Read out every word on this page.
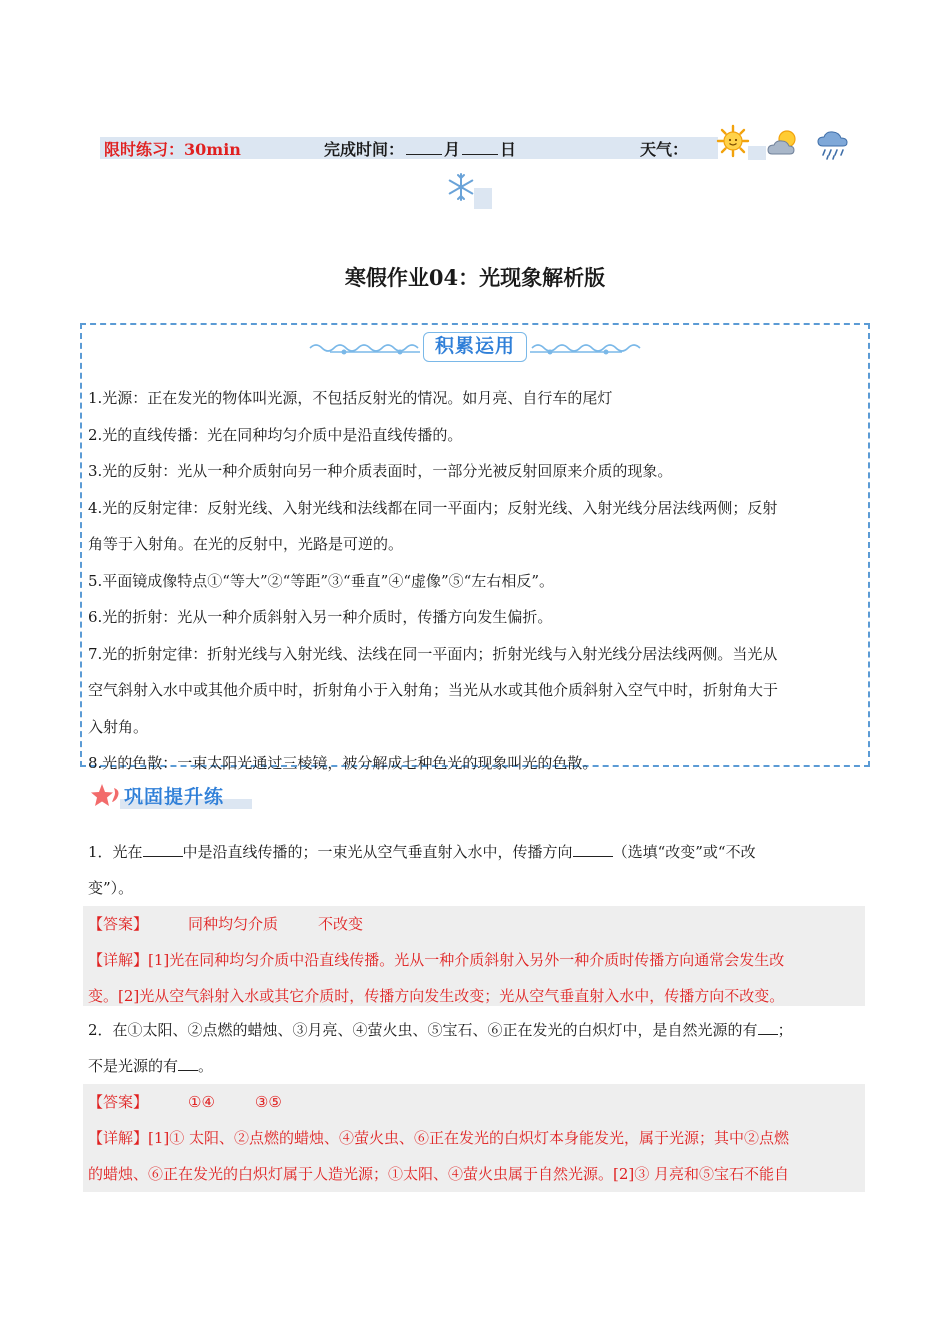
限时练习：30min	完成时间：	月	日	天气：
寒假作业04：光现象解析版
积累运用

1.光源：正在发光的物体叫光源，不包括反射光的情况。如月亮、自行车的尾灯

2.光的直线传播：光在同种均匀介质中是沿直线传播的。

3.光的反射：光从一种介质射向另一种介质表面时，一部分光被反射回原来介质的现象。

4.光的反射定律：反射光线、入射光线和法线都在同一平面内；反射光线、入射光线分居法线两侧；反射

角等于入射角。在光的反射中，光路是可逆的。

5.平面镜成像特点①“等大”②“等距”③“垂直”④“虚像”⑤“左右相反”。

6.光的折射：光从一种介质斜射入另一种介质时，传播方向发生偏折。

7.光的折射定律：折射光线与入射光线、法线在同一平面内；折射光线与入射光线分居法线两侧。当光从

空气斜射入水中或其他介质中时，折射角小于入射角；当光从水或其他介质斜射入空气中时，折射角大于

入射角。

8.光的色散：一束太阳光通过三棱镜，被分解成七种色光的现象叫光的色散。

巩固提升练

1．光在	中是沿直线传播的；一束光从空气垂直射入水中，传播方向	（选填“改变”或“不改

变”）。

【答案】	同种均匀介质	不改变

【详解】[1]光在同种均匀介质中沿直线传播。光从一种介质斜射入另外一种介质时传播方向通常会发生改

变。[2]光从空气斜射入水或其它介质时，传播方向发生改变；光从空气垂直射入水中，传播方向不改变。

2．在①太阳、②点燃的蜡烛、③月亮、④萤火虫、⑤宝石、⑥正在发光的白炽灯中，是自然光源的有 ；

不是光源的有 。

【答案】	①④	③⑤

【详解】[1]① 太阳、②点燃的蜡烛、④萤火虫、⑥正在发光的白炽灯本身能发光，属于光源；其中②点燃

的蜡烛、⑥正在发光的白炽灯属于人造光源；①太阳、④萤火虫属于自然光源。[2]③ 月亮和⑤宝石不能自
